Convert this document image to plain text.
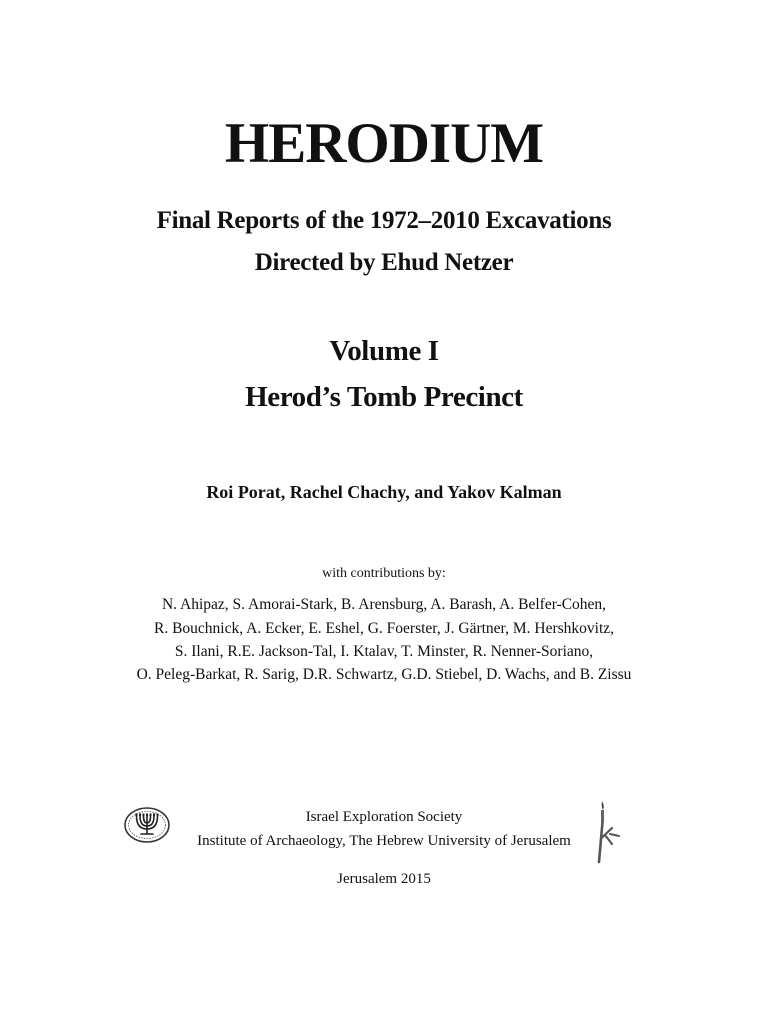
HERODIUM
Final Reports of the 1972–2010 Excavations
Directed by Ehud Netzer
Volume I
Herod’s Tomb Precinct
Roi Porat, Rachel Chachy, and Yakov Kalman
with contributions by:
N. Ahipaz, S. Amorai-Stark, B. Arensburg, A. Barash, A. Belfer-Cohen,
R. Bouchnick, A. Ecker, E. Eshel, G. Foerster, J. Gärtner, M. Hershkovitz,
S. Ilani, R.E. Jackson-Tal, I. Ktalav, T. Minster, R. Nenner-Soriano,
O. Peleg-Barkat, R. Sarig, D.R. Schwartz, G.D. Stiebel, D. Wachs, and B. Zissu
Israel Exploration Society
Institute of Archaeology, The Hebrew University of Jerusalem
Jerusalem 2015
